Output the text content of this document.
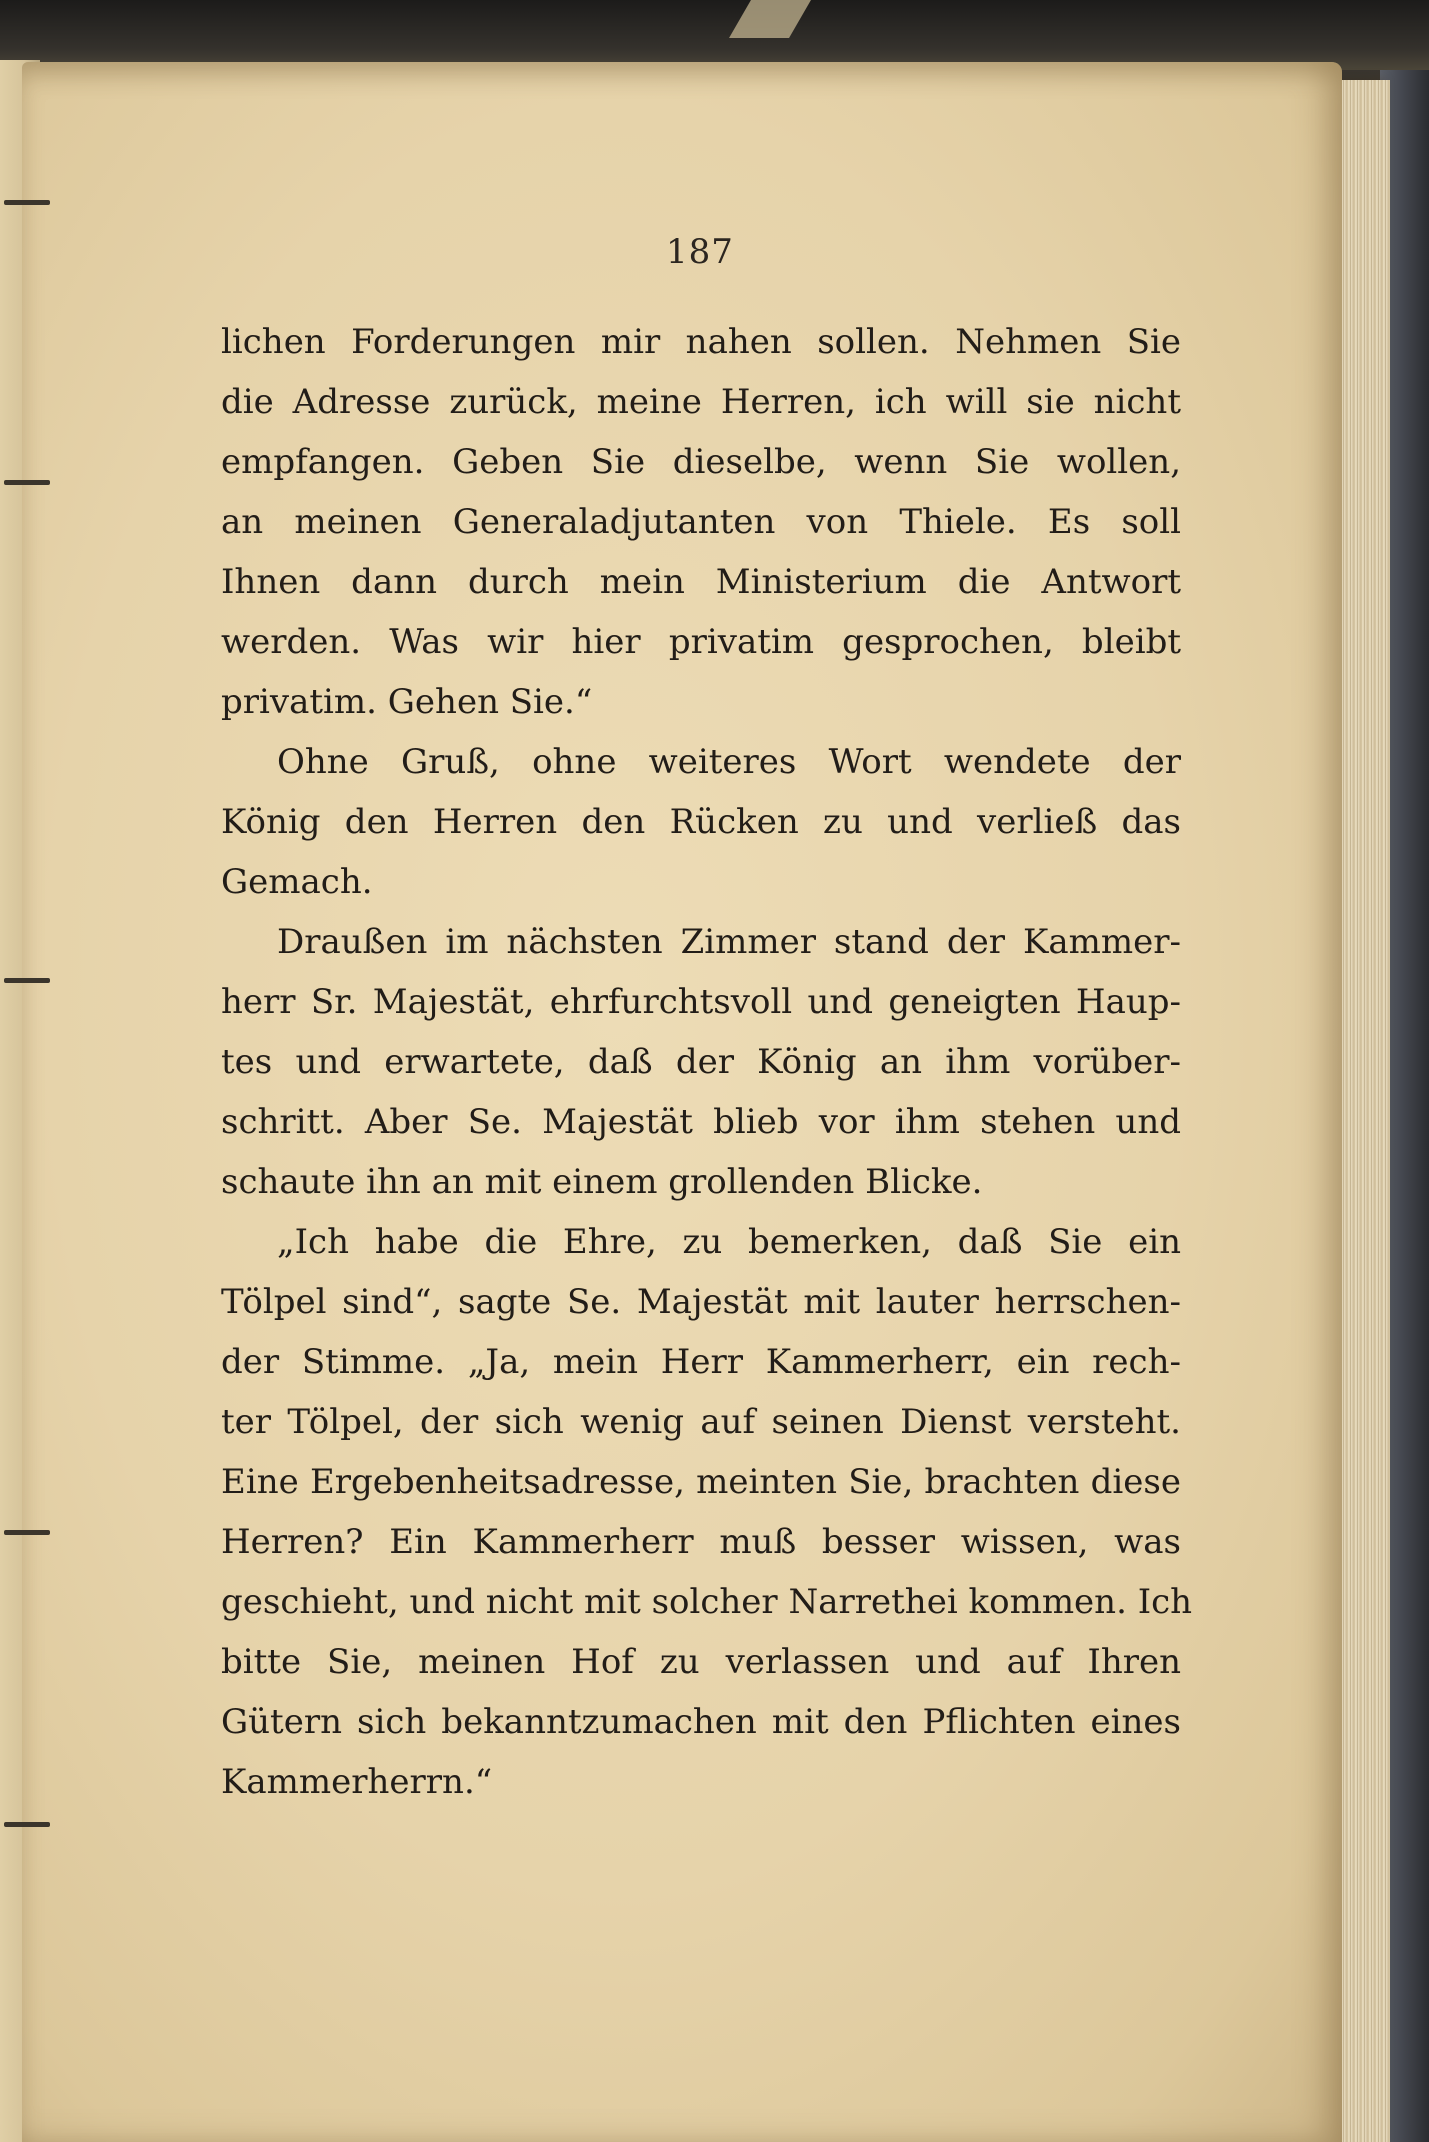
187
lichen Forderungen mir nahen sollen. Nehmen Sie
die Adresse zurück, meine Herren, ich will sie nicht
empfangen. Geben Sie dieselbe, wenn Sie wollen,
an meinen Generaladjutanten von Thiele. Es soll
Ihnen dann durch mein Ministerium die Antwort
werden. Was wir hier privatim gesprochen, bleibt
privatim. Gehen Sie.“
Ohne Gruß, ohne weiteres Wort wendete der
König den Herren den Rücken zu und verließ das
Gemach.
Draußen im nächsten Zimmer stand der Kammer-
herr Sr. Majestät, ehrfurchtsvoll und geneigten Haup-
tes und erwartete, daß der König an ihm vorüber-
schritt. Aber Se. Majestät blieb vor ihm stehen und
schaute ihn an mit einem grollenden Blicke.
„Ich habe die Ehre, zu bemerken, daß Sie ein
Tölpel sind“, sagte Se. Majestät mit lauter herrschen-
der Stimme. „Ja, mein Herr Kammerherr, ein rech-
ter Tölpel, der sich wenig auf seinen Dienst versteht.
Eine Ergebenheitsadresse, meinten Sie, brachten diese
Herren? Ein Kammerherr muß besser wissen, was
geschieht, und nicht mit solcher Narrethei kommen. Ich
bitte Sie, meinen Hof zu verlassen und auf Ihren
Gütern sich bekanntzumachen mit den Pflichten eines
Kammerherrn.“
